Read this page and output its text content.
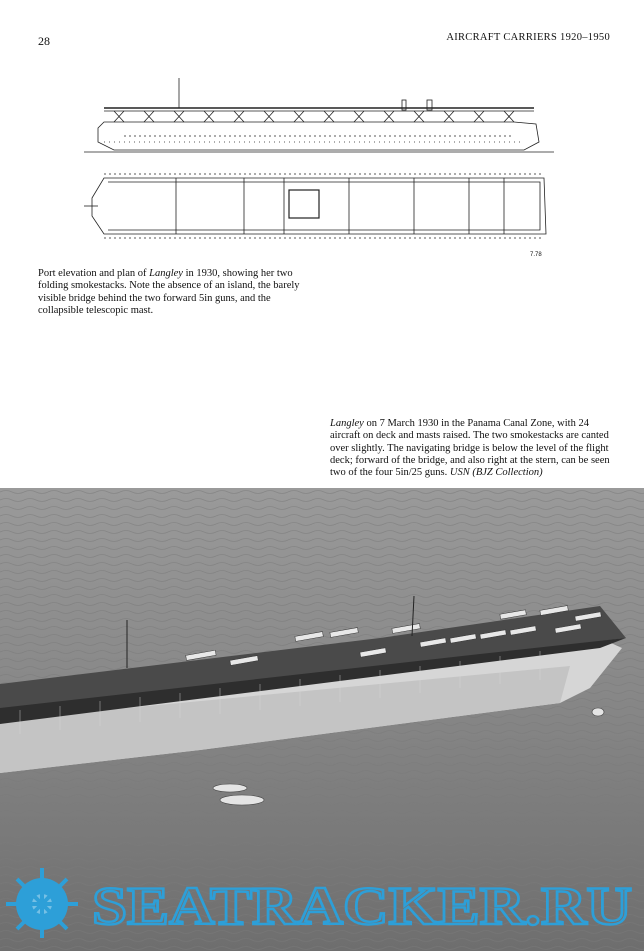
28	AIRCRAFT CARRIERS 1920–1950
7.78

Port elevation and plan of Langley in 1930, showing her two folding smokestacks. Note the absence of an island, the barely visible bridge behind the two forward 5in guns, and the collapsible telescopic mast.

Langley on 7 March 1930 in the Panama Canal Zone, with 24 aircraft on deck and masts raised. The two smokestacks are canted over slightly. The navigating bridge is below the level of the flight deck; forward of the bridge, and also right at the stern, can be seen two of the four 5in/25 guns. USN (BJZ Collection)

SEATRACKER.RU
